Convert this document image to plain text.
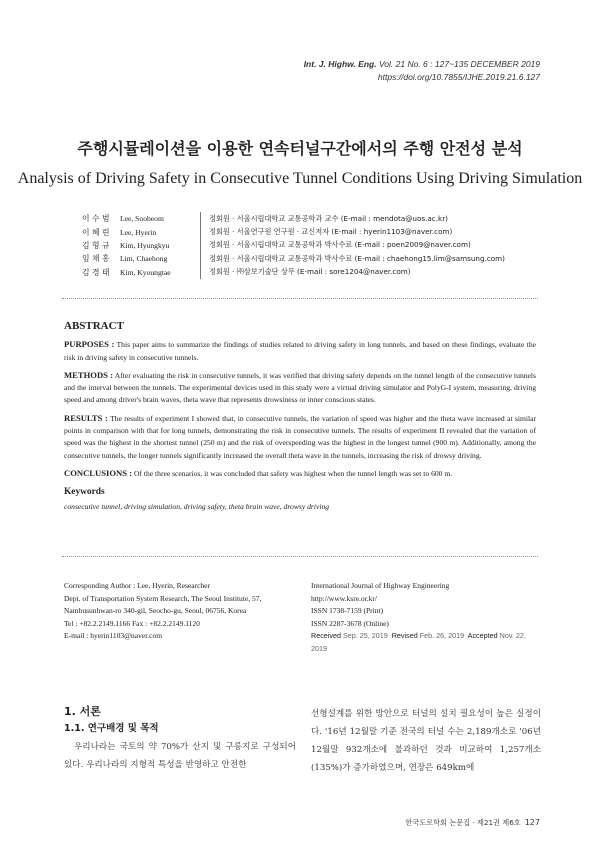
Int. J. Highw. Eng. Vol. 21 No. 6 : 127~135 DECEMBER 2019
https://doi.org/10.7855/IJHE.2019.21.6.127
주행시뮬레이션을 이용한 연속터널구간에서의 주행 안전성 분석
Analysis of Driving Safety in Consecutive Tunnel Conditions Using Driving Simulation
이 수 범	Lee, Soobeom		정회원 · 서울시립대학교 교통공학과 교수 (E-mail : mendota@uos.ac.kr)
이 혜 린	Lee, Hyerin		정회원 · 서울연구원 연구원 · 교신저자 (E-mail : hyerin1103@naver.com)
김 형 규	Kim, Hyungkyu		정회원 · 서울시립대학교 교통공학과 박사수료 (E-mail : poen2009@naver.com)
임 채 홍	Lim, Chaehong		정회원 · 서울시립대학교 교통공학과 박사수료 (E-mail : chaehong15.lim@samsung.com)
김 경 태	Kim, Kyoungtae		정회원 · ㈜삼보기술단 상무 (E-mail : sore1204@naver.com)
ABSTRACT

PURPOSES : This paper aims to summarize the findings of studies related to driving safety in long tunnels, and based on these findings, evaluate the risk in driving safety in consecutive tunnels.

METHODS : After evaluating the risk in consecutive tunnels, it was verified that driving safety depends on the tunnel length of the consecutive tunnels and the interval between the tunnels. The experimental devices used in this study were a virtual driving simulator and PolyG-I system, measuring, driving speed and among driver's brain waves, theta wave that represents drowsiness or inner conscious states.

RESULTS : The results of experiment I showed that, in consecutive tunnels, the variation of speed was higher and the theta wave increased at similar points in comparison with that for long tunnels, demonstrating the risk in consecutive tunnels. The results of experiment II revealed that the variation of speed was the highest in the shortest tunnel (250 m) and the risk of overspeeding was the highest in the longest tunnel (900 m). Additionally, among the consecutive tunnels, the longer tunnels significantly increased the overall theta wave in the tunnels, increasing the risk of drowsy driving.

CONCLUSIONS : Of the three scenarios, it was concluded that safety was highest when the tunnel length was set to 600 m.

Keywords
consecutive tunnel, driving simulation, driving safety, theta brain wave, drowsy driving
Corresponding Author : Lee, Hyerin, Researcher
Dept. of Transportation System Research, The Seoul Institute, 57,
Nambusunhwan-ro 340-gil, Seocho-gu, Seoul, 06756, Korea
Tel : +82.2.2149.1166 Fax : +82.2.2149.1120
E-mail : hyerin1103@naver.com
International Journal of Highway Engineering
http://www.ksre.or.kr/
ISSN 1738-7159 (Print)
ISSN 2287-3678 (Online)
Received Sep. 25, 2019 Revised Feb. 26, 2019 Accepted Nov. 22, 2019
1. 서론
1.1. 연구배경 및 목적
우리나라는 국토의 약 70%가 산지 및 구릉지로 구성되어 있다. 우리나라의 지형적 특성을 반영하고 안전한
선형설계를 위한 방안으로 터널의 설치 필요성이 높은 실정이다. '16년 12월말 기준 전국의 터널 수는 2,189개소로 '06년 12월말 932개소에 불과하던 것과 비교하여 1,257개소(135%)가 증가하였으며, 연장은 649km에
한국도로학회 논문집 · 제21권 제6호 127
